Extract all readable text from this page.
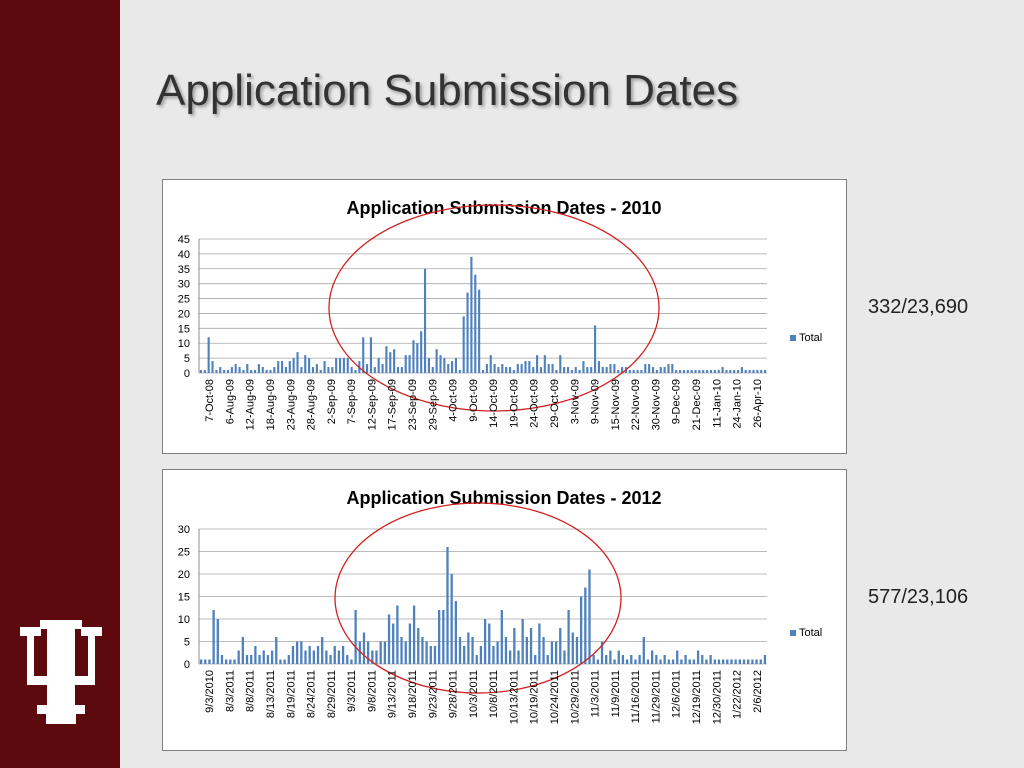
Application Submission Dates
Application Submission Dates - 2010
0
5
10
15
20
25
30
35
40
45
7-Oct-08 6-Aug-09 12-Aug-09 18-Aug-09 23-Aug-09 28-Aug-09 2-Sep-09 7-Sep-09 12-Sep-09 17-Sep-09 23-Sep-09 29-Sep-09 4-Oct-09 9-Oct-09 14-Oct-09 19-Oct-09 24-Oct-09 29-Oct-09 3-Nov-09 9-Nov-09 15-Nov-09 22-Nov-09 30-Nov-09 9-Dec-09 21-Dec-09 11-Jan-10 24-Jan-10 26-Apr-10
Total
Application Submission Dates - 2012
0
5
10
15
20
25
30
9/3/2010 8/3/2011 8/8/2011 8/13/2011 8/19/2011 8/24/2011 8/29/2011 9/3/2011 9/8/2011 9/13/2011 9/18/2011 9/23/2011 9/28/2011 10/3/2011 10/8/2011 10/13/2011 10/19/2011 10/24/2011 10/29/2011 11/3/2011 11/9/2011 11/16/2011 11/29/2011 12/6/2011 12/19/2011 12/30/2011 1/22/2012 2/6/2012
Total
332/23,690
577/23,106
